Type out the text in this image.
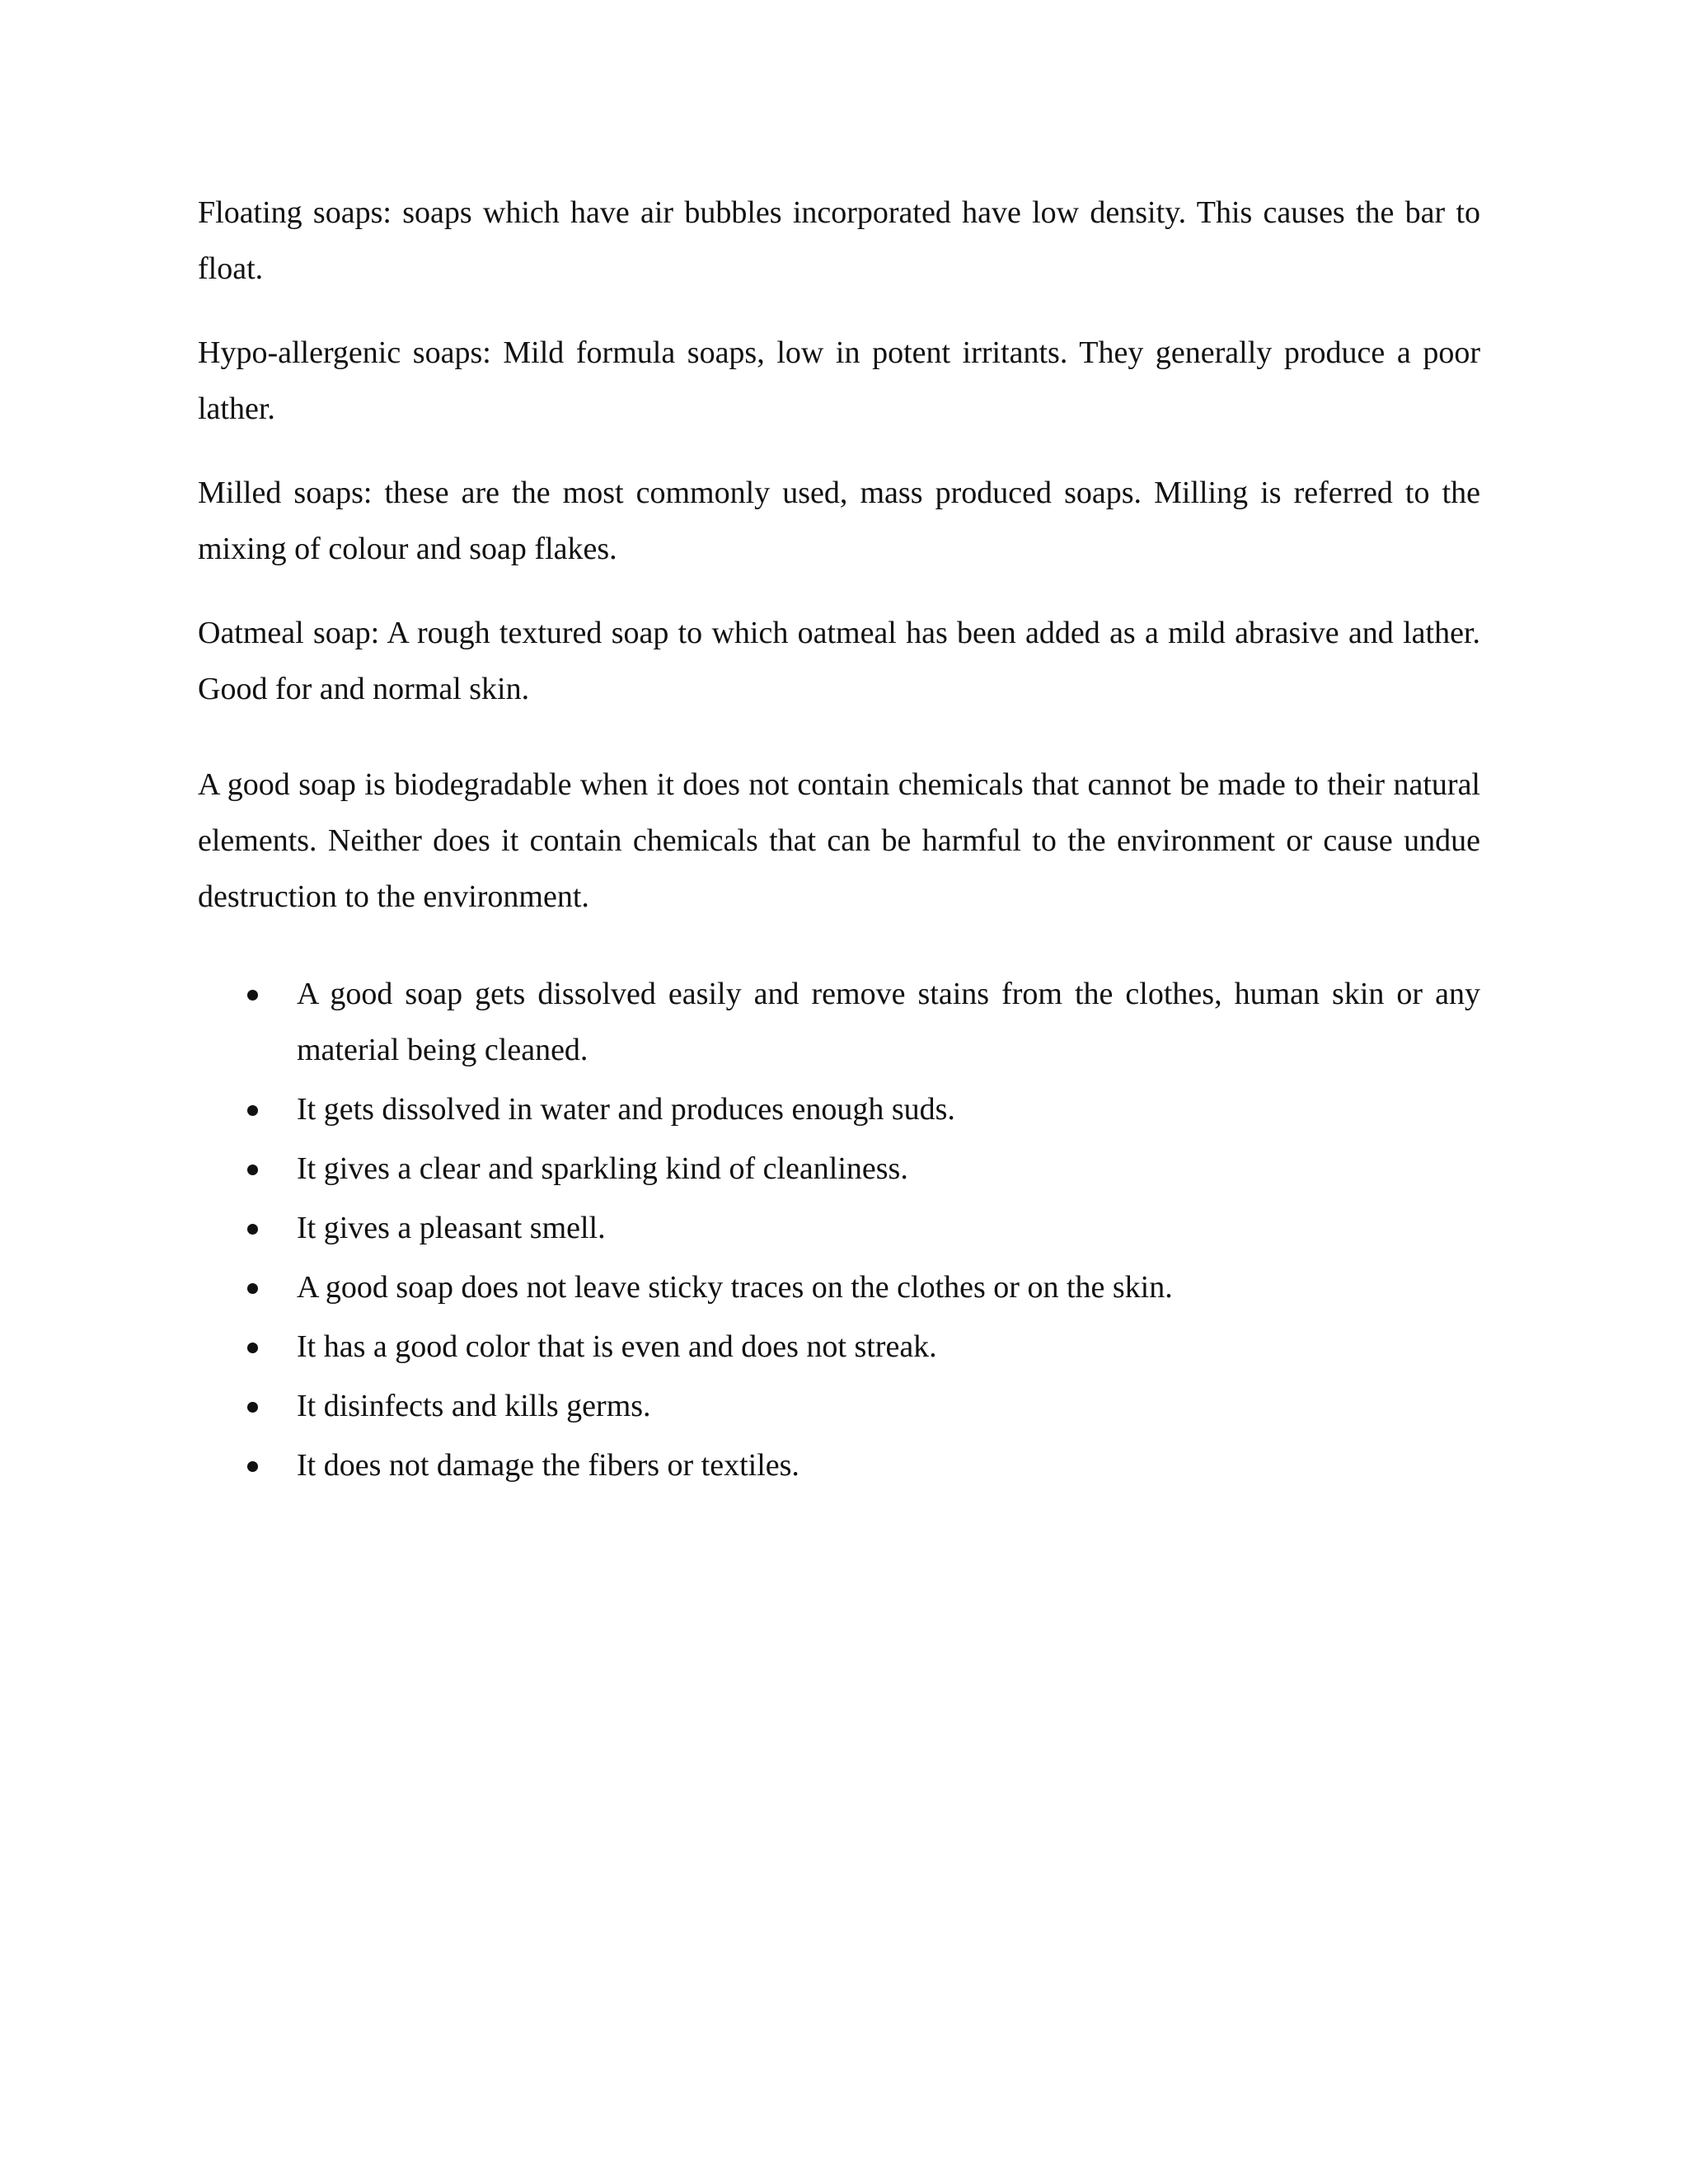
Floating soaps: soaps which have air bubbles incorporated have low density. This causes the bar to float.

Hypo-allergenic soaps: Mild formula soaps, low in potent irritants. They generally produce a poor lather.

Milled soaps: these are the most commonly used, mass produced soaps. Milling is referred to the mixing of colour and soap flakes.

Oatmeal soap: A rough textured soap to which oatmeal has been added as a mild abrasive and lather. Good for and normal skin.

A good soap is biodegradable when it does not contain chemicals that cannot be made to their natural elements. Neither does it contain chemicals that can be harmful to the environment or cause undue destruction to the environment.

A good soap gets dissolved easily and remove stains from the clothes, human skin or any material being cleaned.
It gets dissolved in water and produces enough suds.
It gives a clear and sparkling kind of cleanliness.
It gives a pleasant smell.
A good soap does not leave sticky traces on the clothes or on the skin.
It has a good color that is even and does not streak.
It disinfects and kills germs.
It does not damage the fibers or textiles.
